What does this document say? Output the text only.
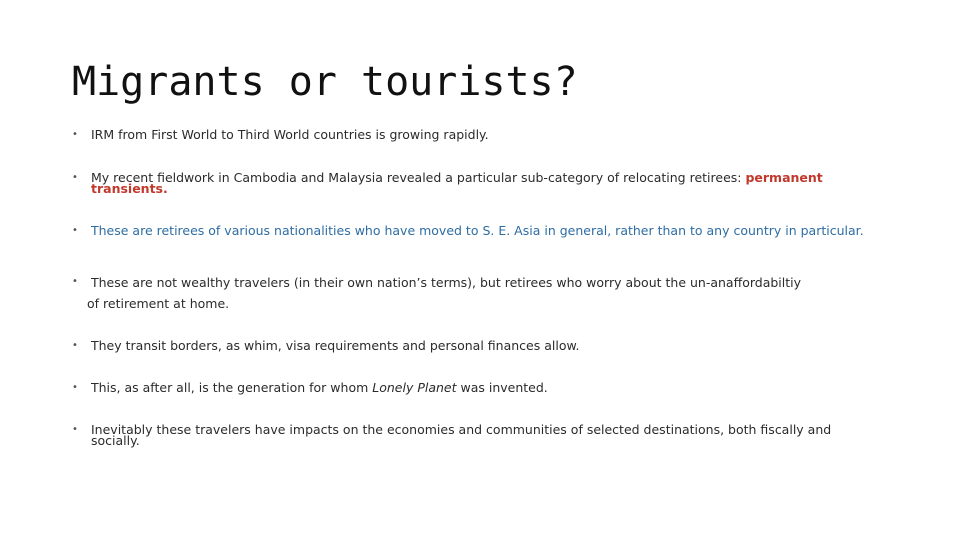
Migrants or tourists?
• IRM from First World to Third World countries is growing rapidly.
• My recent fieldwork in Cambodia and Malaysia revealed a particular sub-category of relocating retirees: permanent transients.
• These are retirees of various nationalities who have moved to S. E. Asia in general, rather than to any country in particular.
• These are not wealthy travelers (in their own nation’s terms), but retirees who worry about the un-anaffordabiltiy
of retirement at home.
• They transit borders, as whim, visa requirements and personal finances allow.
• This, as after all, is the generation for whom Lonely Planet was invented.
• Inevitably these travelers have impacts on the economies and communities of selected destinations, both fiscally and socially.
